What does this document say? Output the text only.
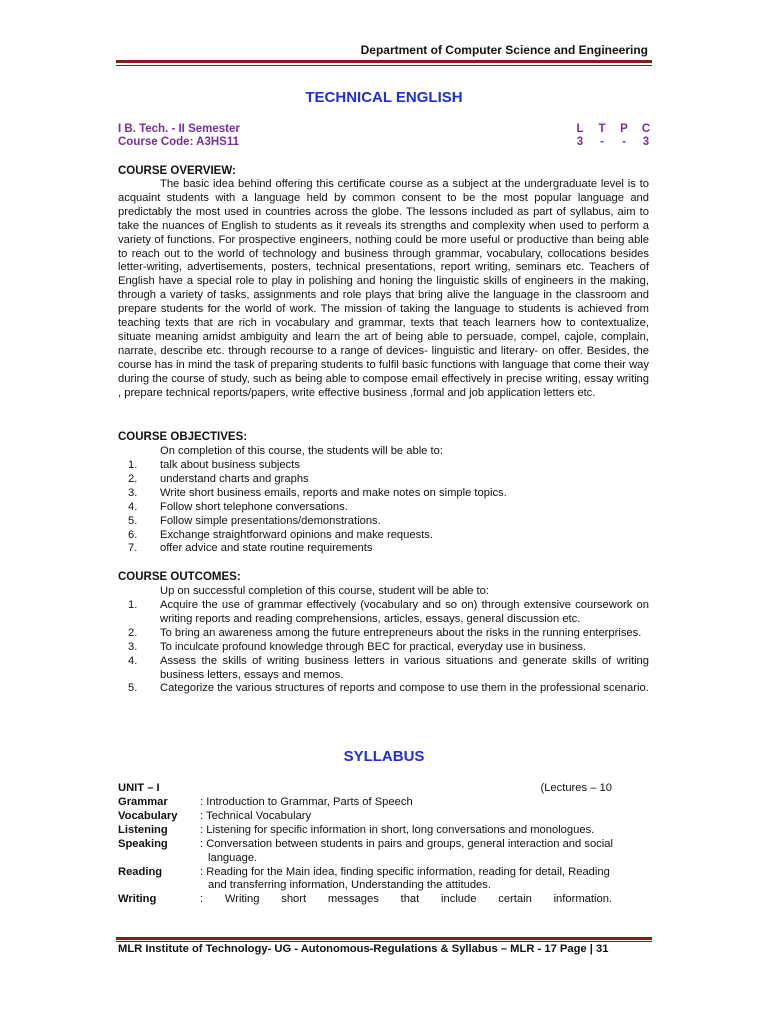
Department of Computer Science and Engineering
TECHNICAL ENGLISH
I B. Tech. - II Semester
Course Code: A3HS11
L T P C
3 - - 3
COURSE OVERVIEW:

The basic idea behind offering this certificate course as a subject at the undergraduate level is to acquaint students with a language held by common consent to be the most popular language and predictably the most used in countries across the globe. The lessons included as part of syllabus, aim to take the nuances of English to students as it reveals its strengths and complexity when used to perform a variety of functions. For prospective engineers, nothing could be more useful or productive than being able to reach out to the world of technology and business through grammar, vocabulary, collocations besides letter-writing, advertisements, posters, technical presentations, report writing, seminars etc. Teachers of English have a special role to play in polishing and honing the linguistic skills of engineers in the making, through a variety of tasks, assignments and role plays that bring alive the language in the classroom and prepare students for the world of work. The mission of taking the language to students is achieved from teaching texts that are rich in vocabulary and grammar, texts that teach learners how to contextualize, situate meaning amidst ambiguity and learn the art of being able to persuade, compel, cajole, complain, narrate, describe etc. through recourse to a range of devices- linguistic and literary- on offer. Besides, the course has in mind the task of preparing students to fulfil basic functions with language that come their way during the course of study, such as being able to compose email effectively in precise writing, essay writing , prepare technical reports/papers, write effective business ,formal and job application letters etc.

COURSE OBJECTIVES:
On completion of this course, the students will be able to:
1. talk about business subjects
2. understand charts and graphs
3. Write short business emails, reports and make notes on simple topics.
4. Follow short telephone conversations.
5. Follow simple presentations/demonstrations.
6. Exchange straightforward opinions and make requests.
7. offer advice and state routine requirements
COURSE OUTCOMES:
Up on successful completion of this course, student will be able to:
1. Acquire the use of grammar effectively (vocabulary and so on) through extensive coursework on writing reports and reading comprehensions, articles, essays, general discussion etc.
2. To bring an awareness among the future entrepreneurs about the risks in the running enterprises.
3. To inculcate profound knowledge through BEC for practical, everyday use in business.
4. Assess the skills of writing business letters in various situations and generate skills of writing business letters, essays and memos.
5. Categorize the various structures of reports and compose to use them in the professional scenario.
SYLLABUS
UNIT – I	(Lectures – 10
Grammar	: Introduction to Grammar, Parts of Speech
Vocabulary	: Technical Vocabulary
Listening	: Listening for specific information in short, long conversations and monologues.
Speaking	: Conversation between students in pairs and groups, general interaction and social
language.
Reading	: Reading for the Main idea, finding specific information, reading for detail, Reading
and transferring information, Understanding the attitudes.
Writing	:       Writing       short       messages       that       include       certain       information.
MLR Institute of Technology- UG - Autonomous-Regulations & Syllabus – MLR - 17 Page | 31
